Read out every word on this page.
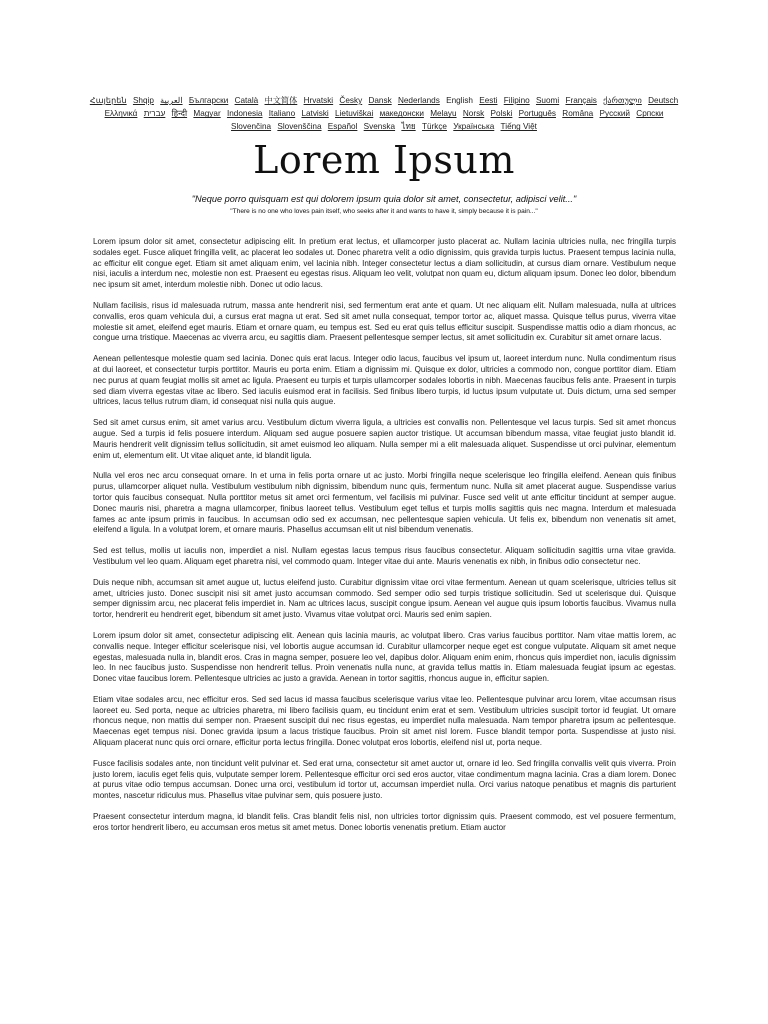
Հայերեն Shqip العربية Български Català 中文简体 Hrvatski Česky Dansk Nederlands English Eesti Filipino Suomi Français ქართული Deutsch Ελληνικά עברית हिन्दी Magyar Indonesia Italiano Latviski Lietuviškai македонски Melayu Norsk Polski Português Româna Pyccкий Српски Slovenčina Slovenščina Español Svenska ไทย Türkçe Українська Tiếng Việt
Lorem Ipsum
"Neque porro quisquam est qui dolorem ipsum quia dolor sit amet, consectetur, adipisci velit..."
"There is no one who loves pain itself, who seeks after it and wants to have it, simply because it is pain..."

Lorem ipsum dolor sit amet, consectetur adipiscing elit. In pretium erat lectus, et ullamcorper justo placerat ac. Nullam lacinia ultricies nulla, nec fringilla turpis sodales eget. Fusce aliquet fringilla velit, ac placerat leo sodales ut. Donec pharetra velit a odio dignissim, quis gravida turpis luctus. Praesent tempus lacinia nulla, ac efficitur elit congue eget. Etiam sit amet aliquam enim, vel lacinia nibh. Integer consectetur lectus a diam sollicitudin, at cursus diam ornare. Vestibulum neque nisi, iaculis a interdum nec, molestie non est. Praesent eu egestas risus. Aliquam leo velit, volutpat non quam eu, dictum aliquam ipsum. Donec leo dolor, bibendum nec ipsum sit amet, interdum molestie nibh. Donec ut odio lacus.

Nullam facilisis, risus id malesuada rutrum, massa ante hendrerit nisi, sed fermentum erat ante et quam. Ut nec aliquam elit. Nullam malesuada, nulla at ultrices convallis, eros quam vehicula dui, a cursus erat magna ut erat. Sed sit amet nulla consequat, tempor tortor ac, aliquet massa. Quisque tellus purus, viverra vitae molestie sit amet, eleifend eget mauris. Etiam et ornare quam, eu tempus est. Sed eu erat quis tellus efficitur suscipit. Suspendisse mattis odio a diam rhoncus, ac congue urna tristique. Maecenas ac viverra arcu, eu sagittis diam. Praesent pellentesque semper lectus, sit amet sollicitudin ex. Curabitur sit amet ornare lacus.

Aenean pellentesque molestie quam sed lacinia. Donec quis erat lacus. Integer odio lacus, faucibus vel ipsum ut, laoreet interdum nunc. Nulla condimentum risus at dui laoreet, et consectetur turpis porttitor. Mauris eu porta enim. Etiam a dignissim mi. Quisque ex dolor, ultricies a commodo non, congue porttitor diam. Etiam nec purus at quam feugiat mollis sit amet ac ligula. Praesent eu turpis et turpis ullamcorper sodales lobortis in nibh. Maecenas faucibus felis ante. Praesent in turpis sed diam viverra egestas vitae ac libero. Sed iaculis euismod erat in facilisis. Sed finibus libero turpis, id luctus ipsum vulputate ut. Duis dictum, urna sed semper ultrices, lacus tellus rutrum diam, id consequat nisi nulla quis augue.

Sed sit amet cursus enim, sit amet varius arcu. Vestibulum dictum viverra ligula, a ultricies est convallis non. Pellentesque vel lacus turpis. Sed sit amet rhoncus augue. Sed a turpis id felis posuere interdum. Aliquam sed augue posuere sapien auctor tristique. Ut accumsan bibendum massa, vitae feugiat justo blandit id. Mauris hendrerit velit dignissim tellus sollicitudin, sit amet euismod leo aliquam. Nulla semper mi a elit malesuada aliquet. Suspendisse ut orci pulvinar, elementum enim ut, elementum elit. Ut vitae aliquet ante, id blandit ligula.

Nulla vel eros nec arcu consequat ornare. In et urna in felis porta ornare ut ac justo. Morbi fringilla neque scelerisque leo fringilla eleifend. Aenean quis finibus purus, ullamcorper aliquet nulla. Vestibulum vestibulum nibh dignissim, bibendum nunc quis, fermentum nunc. Nulla sit amet placerat augue. Suspendisse varius tortor quis faucibus consequat. Nulla porttitor metus sit amet orci fermentum, vel facilisis mi pulvinar. Fusce sed velit ut ante efficitur tincidunt at semper augue. Donec mauris nisi, pharetra a magna ullamcorper, finibus laoreet tellus. Vestibulum eget tellus et turpis mollis sagittis quis nec magna. Interdum et malesuada fames ac ante ipsum primis in faucibus. In accumsan odio sed ex accumsan, nec pellentesque sapien vehicula. Ut felis ex, bibendum non venenatis sit amet, eleifend a ligula. In a volutpat lorem, et ornare mauris. Phasellus accumsan elit ut nisl bibendum venenatis.

Sed est tellus, mollis ut iaculis non, imperdiet a nisl. Nullam egestas lacus tempus risus faucibus consectetur. Aliquam sollicitudin sagittis urna vitae gravida. Vestibulum vel leo quam. Aliquam eget pharetra nisi, vel commodo quam. Integer vitae dui ante. Mauris venenatis ex nibh, in finibus odio consectetur nec.

Duis neque nibh, accumsan sit amet augue ut, luctus eleifend justo. Curabitur dignissim vitae orci vitae fermentum. Aenean ut quam scelerisque, ultricies tellus sit amet, ultricies justo. Donec suscipit nisi sit amet justo accumsan commodo. Sed semper odio sed turpis tristique sollicitudin. Sed ut scelerisque dui. Quisque semper dignissim arcu, nec placerat felis imperdiet in. Nam ac ultrices lacus, suscipit congue ipsum. Aenean vel augue quis ipsum lobortis faucibus. Vivamus nulla tortor, hendrerit eu hendrerit eget, bibendum sit amet justo. Vivamus vitae volutpat orci. Mauris sed enim sapien.

Lorem ipsum dolor sit amet, consectetur adipiscing elit. Aenean quis lacinia mauris, ac volutpat libero. Cras varius faucibus porttitor. Nam vitae mattis lorem, ac convallis neque. Integer efficitur scelerisque nisi, vel lobortis augue accumsan id. Curabitur ullamcorper neque eget est congue vulputate. Aliquam sit amet neque egestas, malesuada nulla in, blandit eros. Cras in magna semper, posuere leo vel, dapibus dolor. Aliquam enim enim, rhoncus quis imperdiet non, iaculis dignissim leo. In nec faucibus justo. Suspendisse non hendrerit tellus. Proin venenatis nulla nunc, at gravida tellus mattis in. Etiam malesuada feugiat ipsum ac egestas. Donec vitae faucibus lorem. Pellentesque ultricies ac justo a gravida. Aenean in tortor sagittis, rhoncus augue in, efficitur sapien.

Etiam vitae sodales arcu, nec efficitur eros. Sed sed lacus id massa faucibus scelerisque varius vitae leo. Pellentesque pulvinar arcu lorem, vitae accumsan risus laoreet eu. Sed porta, neque ac ultricies pharetra, mi libero facilisis quam, eu tincidunt enim erat et sem. Vestibulum ultricies suscipit tortor id feugiat. Ut ornare rhoncus neque, non mattis dui semper non. Praesent suscipit dui nec risus egestas, eu imperdiet nulla malesuada. Nam tempor pharetra ipsum ac pellentesque. Maecenas eget tempus nisi. Donec gravida ipsum a lacus tristique faucibus. Proin sit amet nisl lorem. Fusce blandit tempor porta. Suspendisse at justo nisi. Aliquam placerat nunc quis orci ornare, efficitur porta lectus fringilla. Donec volutpat eros lobortis, eleifend nisl ut, porta neque.

Fusce facilisis sodales ante, non tincidunt velit pulvinar et. Sed erat urna, consectetur sit amet auctor ut, ornare id leo. Sed fringilla convallis velit quis viverra. Proin justo lorem, iaculis eget felis quis, vulputate semper lorem. Pellentesque efficitur orci sed eros auctor, vitae condimentum magna lacinia. Cras a diam lorem. Donec at purus vitae odio tempus accumsan. Donec urna orci, vestibulum id tortor ut, accumsan imperdiet nulla. Orci varius natoque penatibus et magnis dis parturient montes, nascetur ridiculus mus. Phasellus vitae pulvinar sem, quis posuere justo.

Praesent consectetur interdum magna, id blandit felis. Cras blandit felis nisl, non ultricies tortor dignissim quis. Praesent commodo, est vel posuere fermentum, eros tortor hendrerit libero, eu accumsan eros metus sit amet metus. Donec lobortis venenatis pretium. Etiam auctor
